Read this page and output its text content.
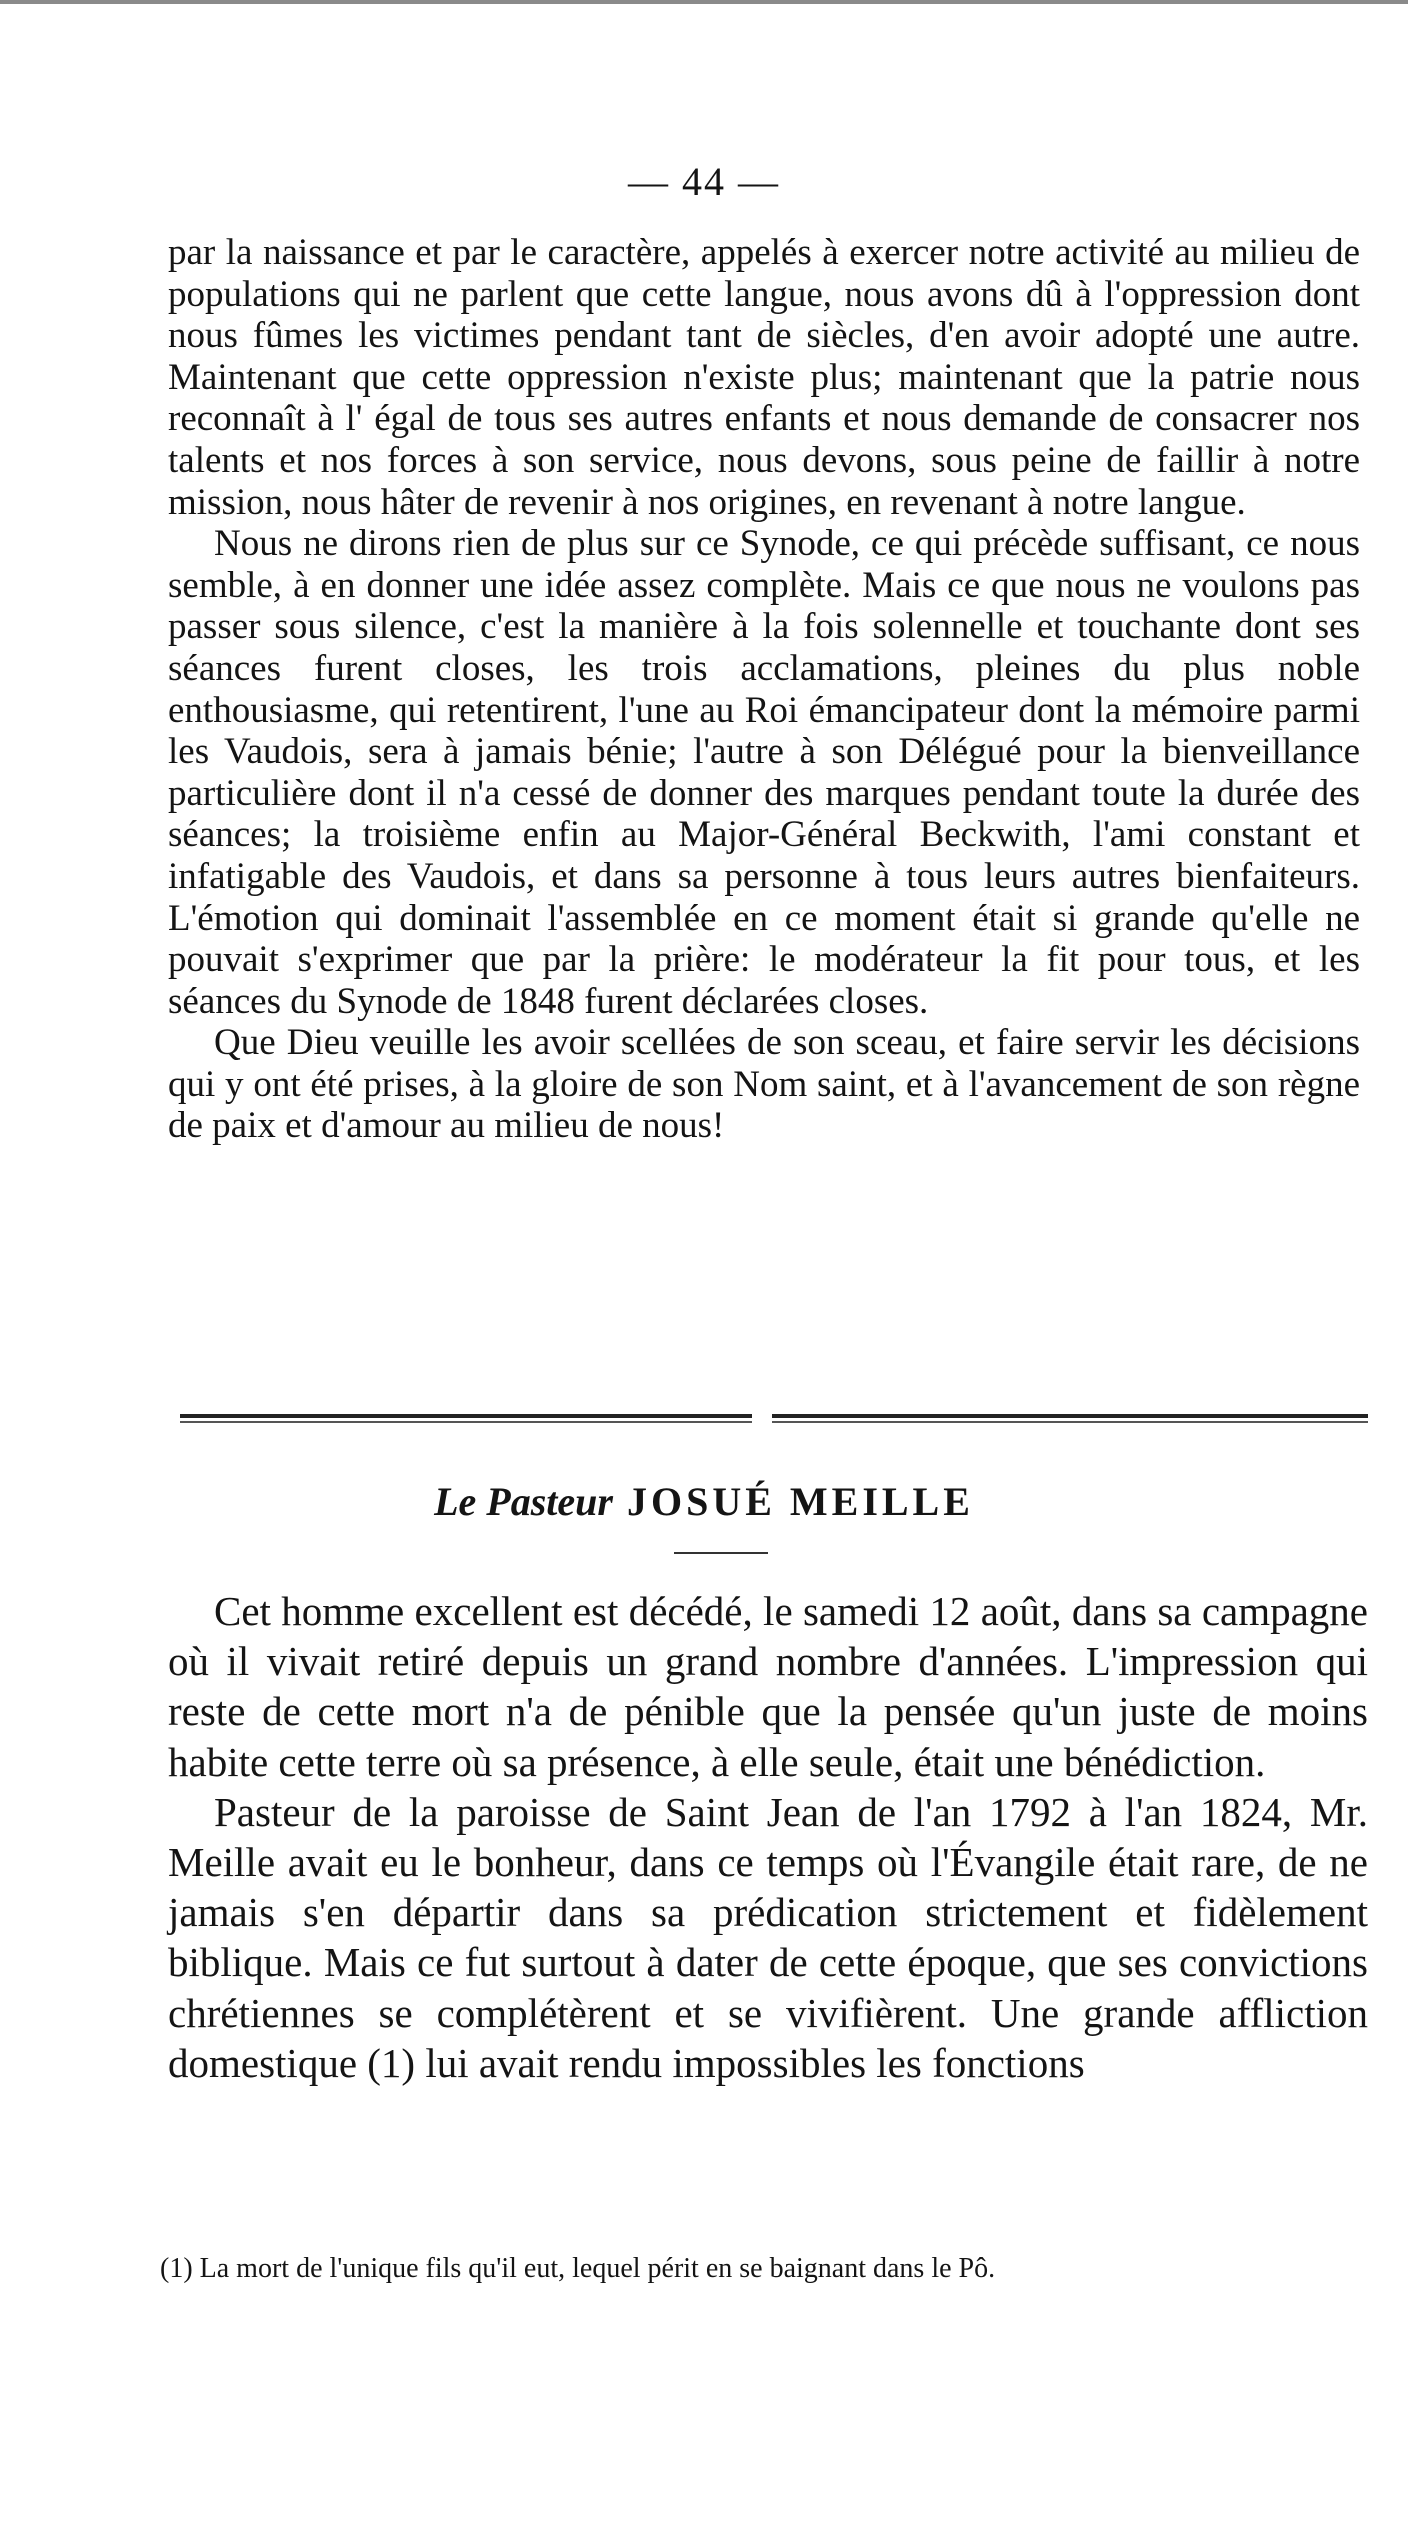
— 44 —

par la naissance et par le caractère, appelés à exercer notre activité au milieu de populations qui ne parlent que cette langue, nous avons dû à l'oppression dont nous fûmes les victimes pendant tant de siècles, d'en avoir adopté une autre. Maintenant que cette oppression n'existe plus; maintenant que la patrie nous reconnaît à l' égal de tous ses autres enfants et nous demande de consacrer nos talents et nos forces à son service, nous devons, sous peine de faillir à notre mission, nous hâter de revenir à nos origines, en revenant à notre langue.

Nous ne dirons rien de plus sur ce Synode, ce qui précède suffisant, ce nous semble, à en donner une idée assez complète. Mais ce que nous ne voulons pas passer sous silence, c'est la manière à la fois solennelle et touchante dont ses séances furent closes, les trois acclamations, pleines du plus noble enthousiasme, qui retentirent, l'une au Roi émancipateur dont la mémoire parmi les Vaudois, sera à jamais bénie; l'autre à son Délégué pour la bienveillance particulière dont il n'a cessé de donner des marques pendant toute la durée des séances; la troisième enfin au Major-Général Beckwith, l'ami constant et infatigable des Vaudois, et dans sa personne à tous leurs autres bienfaiteurs. L'émotion qui dominait l'assemblée en ce moment était si grande qu'elle ne pouvait s'exprimer que par la prière: le modérateur la fit pour tous, et les séances du Synode de 1848 furent déclarées closes.

Que Dieu veuille les avoir scellées de son sceau, et faire servir les décisions qui y ont été prises, à la gloire de son Nom saint, et à l'avancement de son règne de paix et d'amour au milieu de nous!

Le Pasteur JOSUÉ MEILLE

Cet homme excellent est décédé, le samedi 12 août, dans sa campagne où il vivait retiré depuis un grand nombre d'années. L'impression qui reste de cette mort n'a de pénible que la pensée qu'un juste de moins habite cette terre où sa présence, à elle seule, était une bénédiction.

Pasteur de la paroisse de Saint Jean de l'an 1792 à l'an 1824, Mr. Meille avait eu le bonheur, dans ce temps où l'Évangile était rare, de ne jamais s'en départir dans sa prédication strictement et fidèlement biblique. Mais ce fut surtout à dater de cette époque, que ses convictions chrétiennes se complétèrent et se vivifièrent. Une grande affliction domestique (1) lui avait rendu impossibles les fonctions

(1) La mort de l'unique fils qu'il eut, lequel périt en se baignant dans le Pô.
